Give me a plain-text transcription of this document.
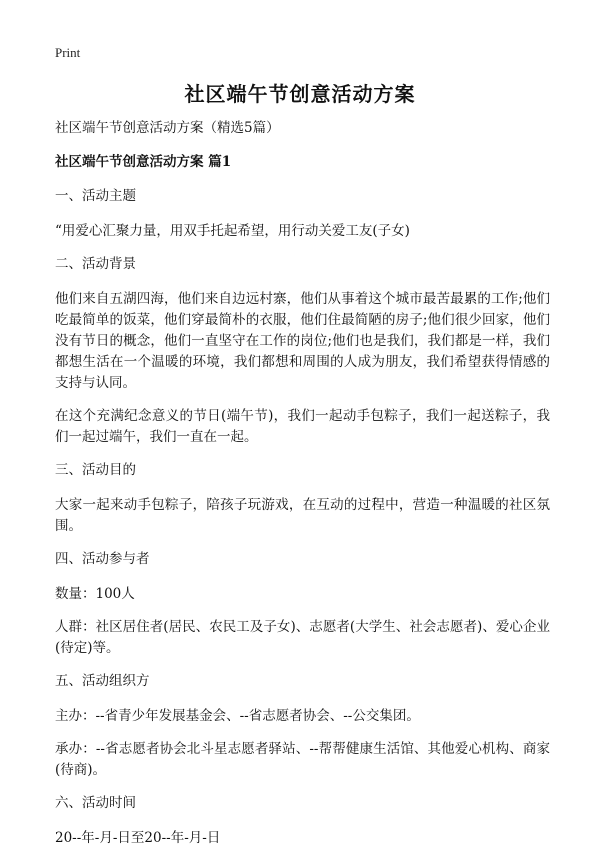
Print
社区端午节创意活动方案

社区端午节创意活动方案（精选5篇）

社区端午节创意活动方案 篇1

一、活动主题

“用爱心汇聚力量，用双手托起希望，用行动关爱工友(子女)

二、活动背景

他们来自五湖四海，他们来自边远村寨，他们从事着这个城市最苦最累的工作;他们吃最简单的饭菜，他们穿最简朴的衣服，他们住最简陋的房子;他们很少回家，他们没有节日的概念，他们一直坚守在工作的岗位;他们也是我们，我们都是一样，我们都想生活在一个温暖的环境，我们都想和周围的人成为朋友，我们希望获得情感的支持与认同。

在这个充满纪念意义的节日(端午节)，我们一起动手包粽子，我们一起送粽子，我们一起过端午，我们一直在一起。

三、活动目的

大家一起来动手包粽子，陪孩子玩游戏，在互动的过程中，营造一种温暖的社区氛围。

四、活动参与者

数量：100人

人群：社区居住者(居民、农民工及子女)、志愿者(大学生、社会志愿者)、爱心企业(待定)等。

五、活动组织方

主办：--省青少年发展基金会、--省志愿者协会、--公交集团。

承办：--省志愿者协会北斗星志愿者驿站、--帮帮健康生活馆、其他爱心机构、商家(待商)。

六、活动时间

20--年-月-日至20--年-月-日
